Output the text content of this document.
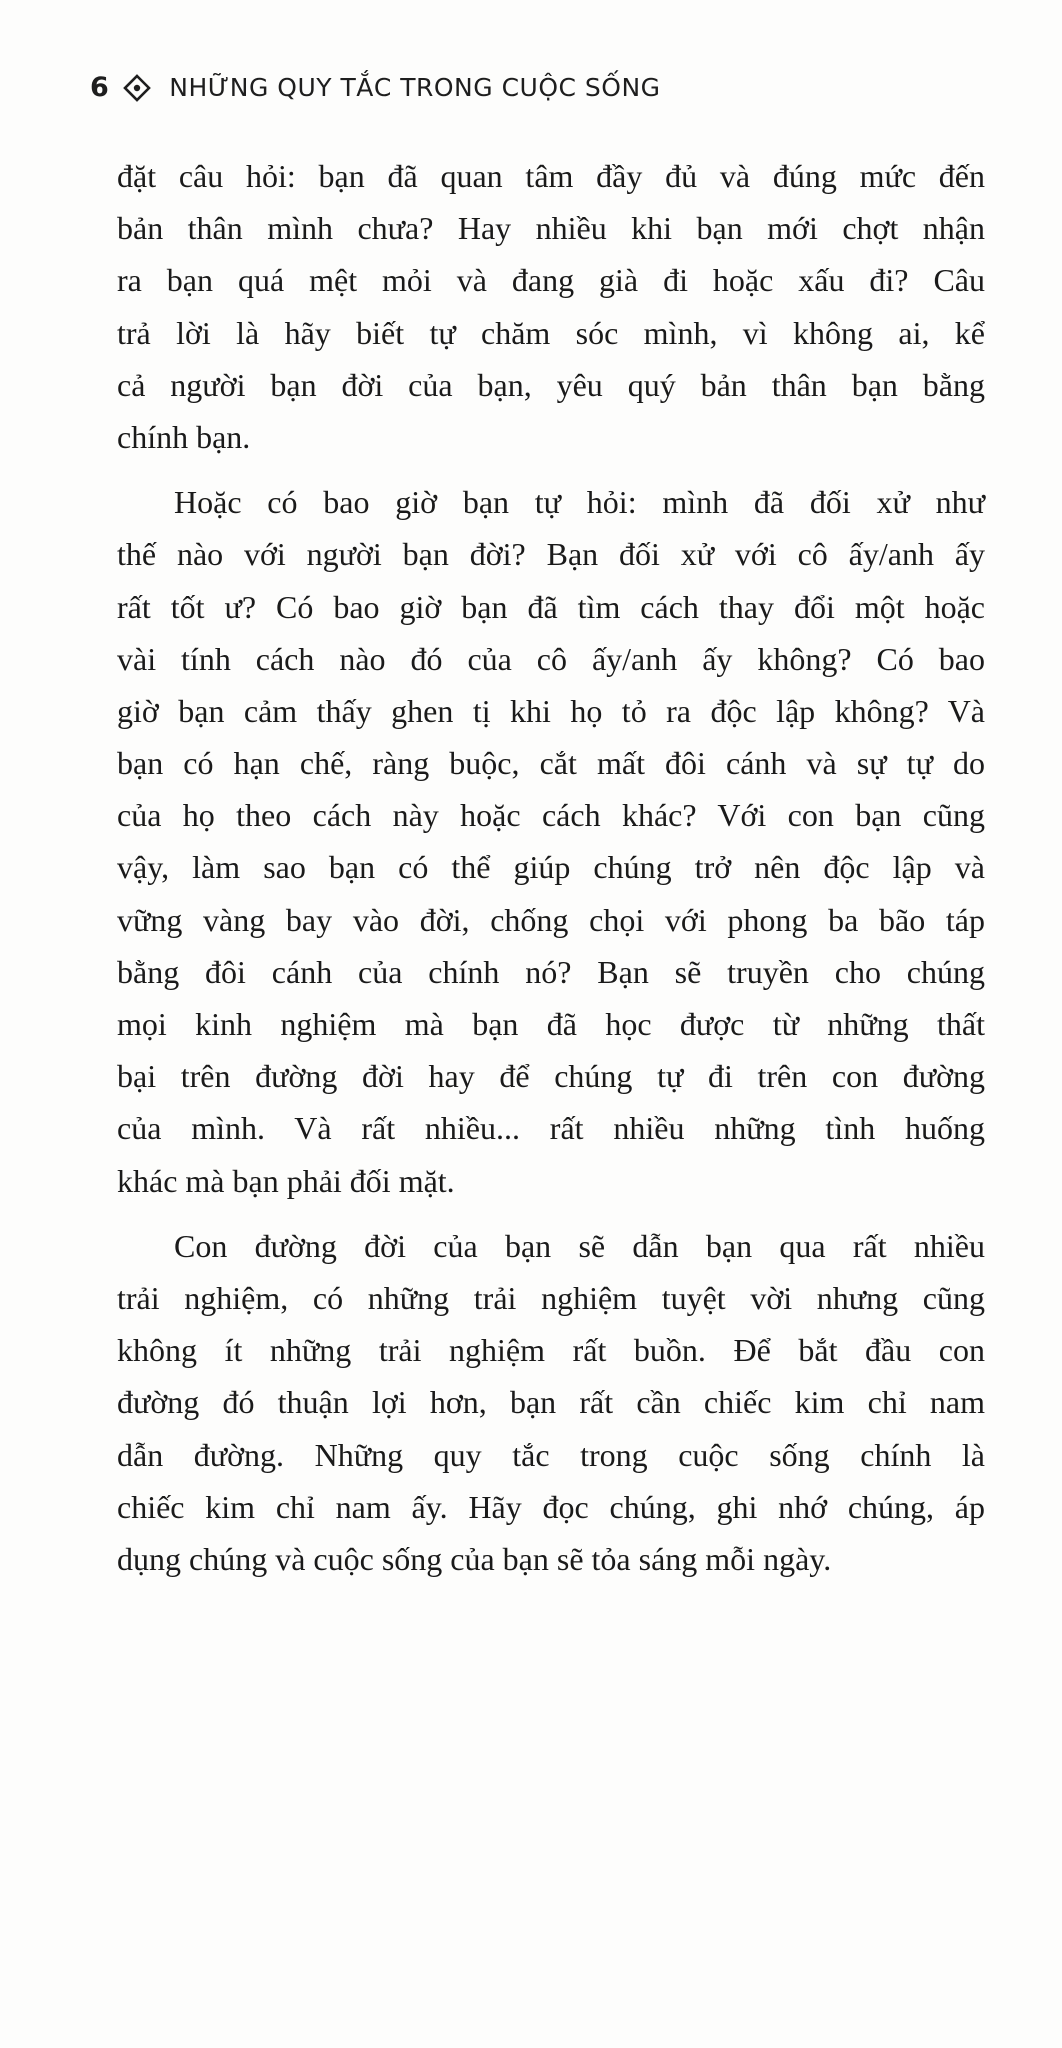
6 NHỮNG QUY TẮC TRONG CUỘC SỐNG
đặt câu hỏi: bạn đã quan tâm đầy đủ và đúng mức đến
bản thân mình chưa? Hay nhiều khi bạn mới chợt nhận
ra bạn quá mệt mỏi và đang già đi hoặc xấu đi? Câu
trả lời là hãy biết tự chăm sóc mình, vì không ai, kể
cả người bạn đời của bạn, yêu quý bản thân bạn bằng
chính bạn.
Hoặc có bao giờ bạn tự hỏi: mình đã đối xử như
thế nào với người bạn đời? Bạn đối xử với cô ấy/anh ấy
rất tốt ư? Có bao giờ bạn đã tìm cách thay đổi một hoặc
vài tính cách nào đó của cô ấy/anh ấy không? Có bao
giờ bạn cảm thấy ghen tị khi họ tỏ ra độc lập không? Và
bạn có hạn chế, ràng buộc, cắt mất đôi cánh và sự tự do
của họ theo cách này hoặc cách khác? Với con bạn cũng
vậy, làm sao bạn có thể giúp chúng trở nên độc lập và
vững vàng bay vào đời, chống chọi với phong ba bão táp
bằng đôi cánh của chính nó? Bạn sẽ truyền cho chúng
mọi kinh nghiệm mà bạn đã học được từ những thất
bại trên đường đời hay để chúng tự đi trên con đường
của mình. Và rất nhiều... rất nhiều những tình huống
khác mà bạn phải đối mặt.
Con đường đời của bạn sẽ dẫn bạn qua rất nhiều
trải nghiệm, có những trải nghiệm tuyệt vời nhưng cũng
không ít những trải nghiệm rất buồn. Để bắt đầu con
đường đó thuận lợi hơn, bạn rất cần chiếc kim chỉ nam
dẫn đường. Những quy tắc trong cuộc sống chính là
chiếc kim chỉ nam ấy. Hãy đọc chúng, ghi nhớ chúng, áp
dụng chúng và cuộc sống của bạn sẽ tỏa sáng mỗi ngày.
